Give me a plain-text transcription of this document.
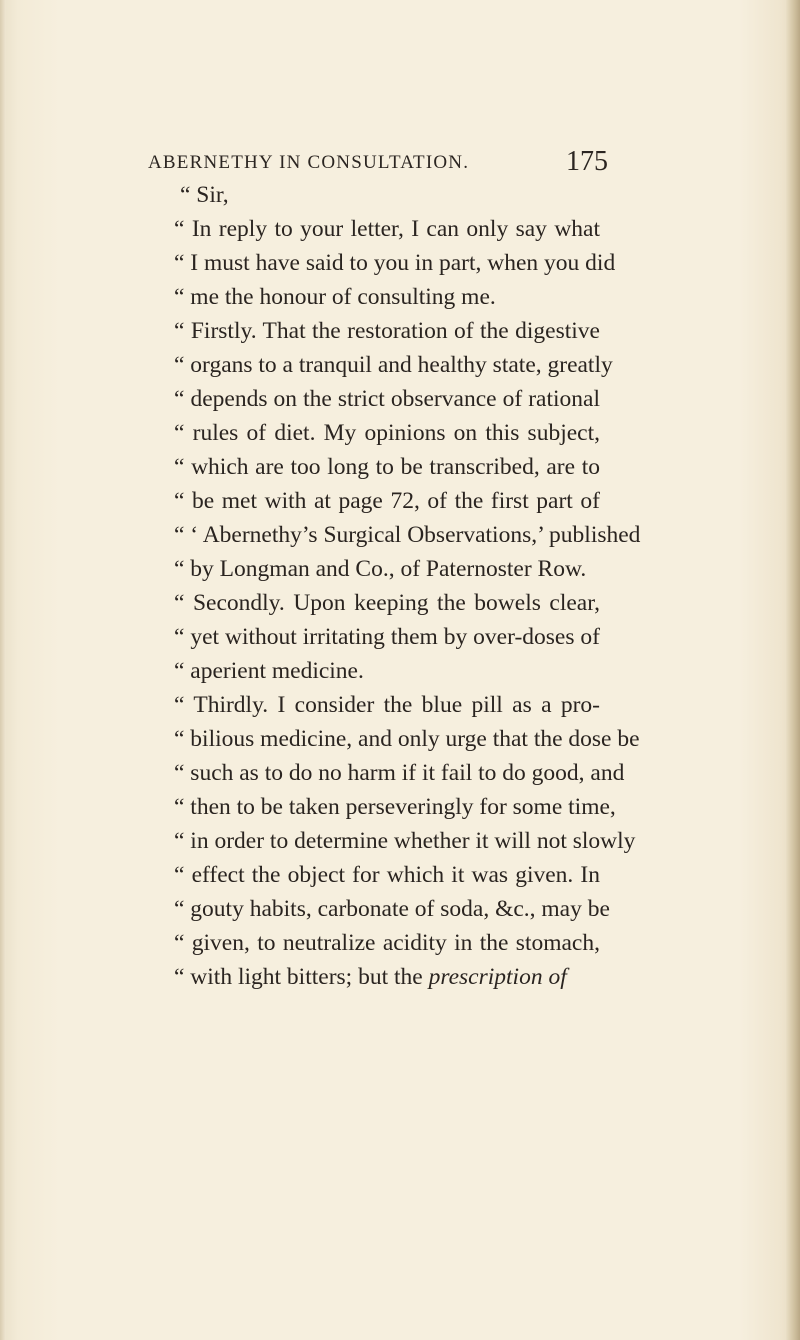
ABERNETHY IN CONSULTATION.	175
“ Sir,
“ In reply to your letter, I can only say what
“ I must have said to you in part, when you did
“ me the honour of consulting me.
“ Firstly. That the restoration of the digestive
“ organs to a tranquil and healthy state, greatly
“ depends on the strict observance of rational
“ rules of diet. My opinions on this subject,
“ which are too long to be transcribed, are to
“ be met with at page 72, of the first part of
“ ‘ Abernethy’s Surgical Observations,’ published
“ by Longman and Co., of Paternoster Row.
“ Secondly. Upon keeping the bowels clear,
“ yet without irritating them by over-doses of
“ aperient medicine.
“ Thirdly. I consider the blue pill as a pro-
“ bilious medicine, and only urge that the dose be
“ such as to do no harm if it fail to do good, and
“ then to be taken perseveringly for some time,
“ in order to determine whether it will not slowly
“ effect the object for which it was given. In
“ gouty habits, carbonate of soda, &c., may be
“ given, to neutralize acidity in the stomach,
“ with light bitters; but the prescription of
